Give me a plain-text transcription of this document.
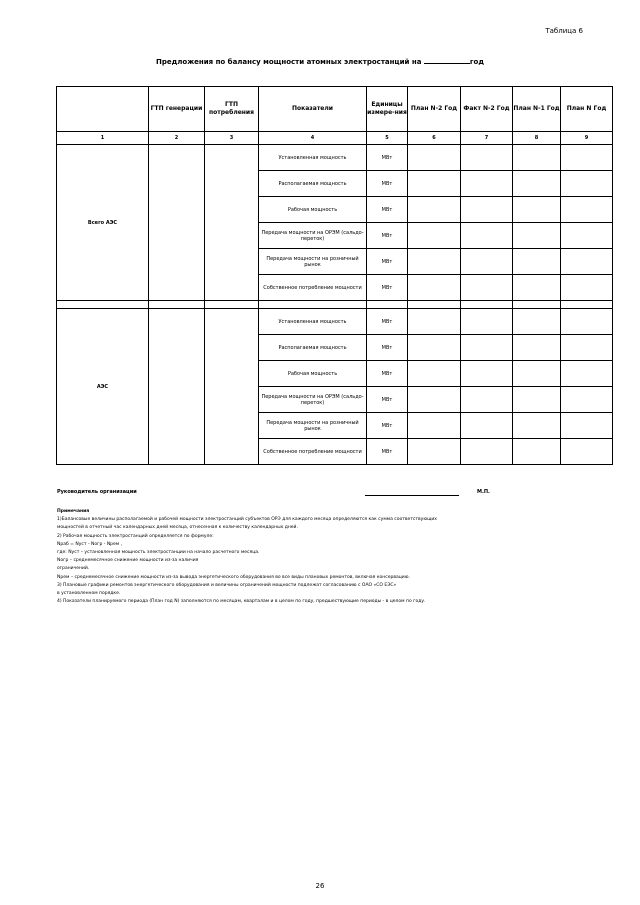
Таблица 6
Предложения по балансу мощности атомных электростанций на	год
	ГТП генерации	ГТП потребления	Показатели	Единицы измере-ния	План N-2 Год	Факт N-2 Год	План N-1 Год	План N Год
1	2	3	4	5	6	7	8	9
Всего АЭС			Установленная мощность	МВт				
			Располагаемая мощность	МВт				
			Рабочая мощность	МВт				
			Передача мощности на ОРЭМ (сальдо-переток)	МВт				
			Передача мощности на розничный рынок	МВт				
			Собственное потребление мощности	МВт				

АЭС			Установленная мощность	МВт				
			Располагаемая мощность	МВт				
			Рабочая мощность	МВт				
			Передача мощности на ОРЭМ (сальдо-переток)	МВт				
			Передача мощности на розничный рынок	МВт				
			Собственное потребление мощности	МВт				
Руководитель организации	М.П.
Примечания
1)Балансовые величины располагаемой и рабочей мощности электростанций субъектов ОРЭ для каждого месяца определяются как сумма соответствующих
мощностей в отчетный час календарных дней месяца, отнесенная к количеству календарных дней.
2) Рабочая мощность электростанций определяется по формуле:
Nраб = Nуст - Nогр - Nрем ,
где: Nуст – установленная мощность электростанции на начало расчетного месяца.
Nогр – среднемесячное снижение мощности из-за наличия
ограничений.
Nрем – среднемесячное снижение мощности из-за вывода энергетического оборудования во все виды плановых ремонтов, включая консервацию.
3) Плановые графики ремонтов энергетического оборудования и величины ограничений мощности подлежат согласованию с ОАО «СО ЕЭС»
в установленном порядке.
4) Показатели планируемого периода (План год N) заполняются по месяцам, кварталам и в целом по году, предшествующие периоды - в целом по году.
26
